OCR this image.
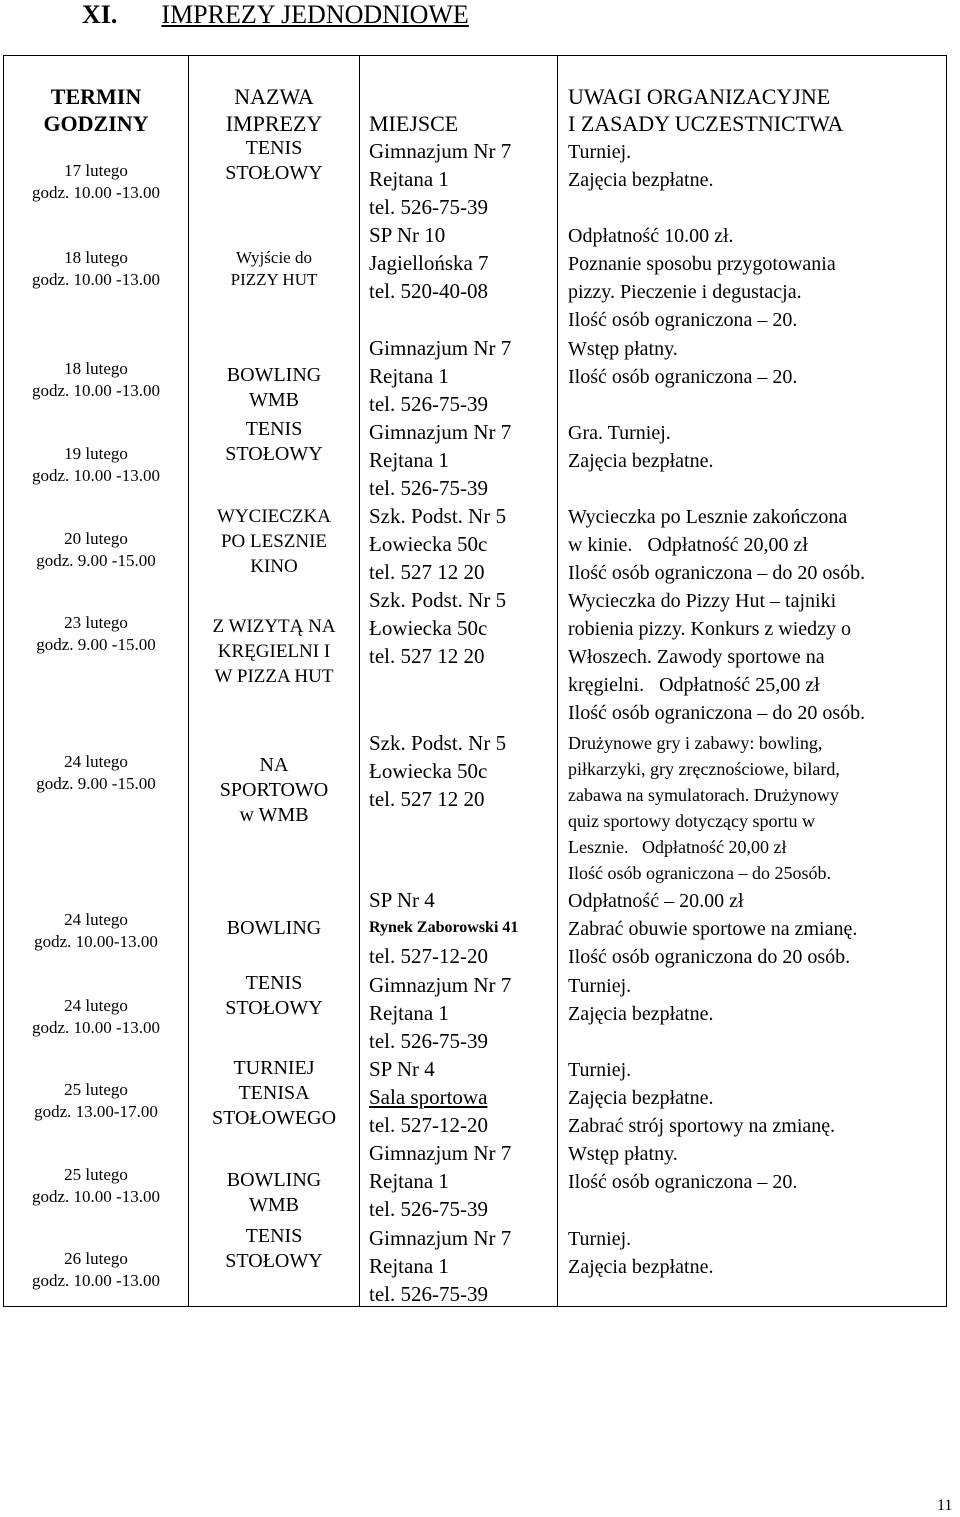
XI. IMPREZY JEDNODNIOWE
TERMIN
GODZINY
17 lutego
godz. 10.00 -13.00
18 lutego
godz. 10.00 -13.00
18 lutego
godz. 10.00 -13.00
19 lutego
godz. 10.00 -13.00
20 lutego
godz. 9.00 -15.00
23 lutego
godz. 9.00 -15.00
24 lutego
godz. 9.00 -15.00
24 lutego
godz. 10.00-13.00
24 lutego
godz. 10.00 -13.00
25 lutego
godz. 13.00-17.00
25 lutego
godz. 10.00 -13.00
26 lutego
godz. 10.00 -13.00
NAZWA
IMPREZY
TENIS
STOŁOWY
Wyjście do
PIZZY HUT
BOWLING
WMB
TENIS
STOŁOWY
WYCIECZKA
PO LESZNIE
KINO
Z WIZYTĄ NA
KRĘGIELNI I
W PIZZA HUT
NA
SPORTOWO
w WMB
BOWLING
TENIS
STOŁOWY
TURNIEJ
TENISA
STOŁOWEGO
BOWLING
WMB
TENIS
STOŁOWY
MIEJSCE
Gimnazjum Nr 7
Rejtana 1
tel. 526-75-39
SP Nr 10
Jagiellońska 7
tel. 520-40-08
Gimnazjum Nr 7
Rejtana 1
tel. 526-75-39
Gimnazjum Nr 7
Rejtana 1
tel. 526-75-39
Szk. Podst. Nr 5
Łowiecka 50c
tel. 527 12 20
Szk. Podst. Nr 5
Łowiecka 50c
tel. 527 12 20
Szk. Podst. Nr 5
Łowiecka 50c
tel. 527 12 20
SP Nr 4
Rynek Zaborowski 41
tel. 527-12-20
Gimnazjum Nr 7
Rejtana 1
tel. 526-75-39
SP Nr 4
Sala sportowa
tel. 527-12-20
Gimnazjum Nr 7
Rejtana 1
tel. 526-75-39
Gimnazjum Nr 7
Rejtana 1
tel. 526-75-39
UWAGI ORGANIZACYJNE
I ZASADY UCZESTNICTWA
Turniej.
Zajęcia bezpłatne.
Odpłatność 10.00 zł.
Poznanie sposobu przygotowania
pizzy. Pieczenie i degustacja.
Ilość osób ograniczona – 20.
Wstęp płatny.
Ilość osób ograniczona – 20.
Gra. Turniej.
Zajęcia bezpłatne.
Wycieczka po Lesznie zakończona
w kinie. Odpłatność 20,00 zł
Ilość osób ograniczona – do 20 osób.
Wycieczka do Pizzy Hut – tajniki
robienia pizzy. Konkurs z wiedzy o
Włoszech. Zawody sportowe na
kręgielni. Odpłatność 25,00 zł
Ilość osób ograniczona – do 20 osób.
Drużynowe gry i zabawy: bowling,
piłkarzyki, gry zręcznościowe, bilard,
zabawa na symulatorach. Drużynowy
quiz sportowy dotyczący sportu w
Lesznie. Odpłatność 20,00 zł
Ilość osób ograniczona – do 25osób.
Odpłatność – 20.00 zł
Zabrać obuwie sportowe na zmianę.
Ilość osób ograniczona do 20 osób.
Turniej.
Zajęcia bezpłatne.
Turniej.
Zajęcia bezpłatne.
Zabrać strój sportowy na zmianę.
Wstęp płatny.
Ilość osób ograniczona – 20.
Turniej.
Zajęcia bezpłatne.
11
